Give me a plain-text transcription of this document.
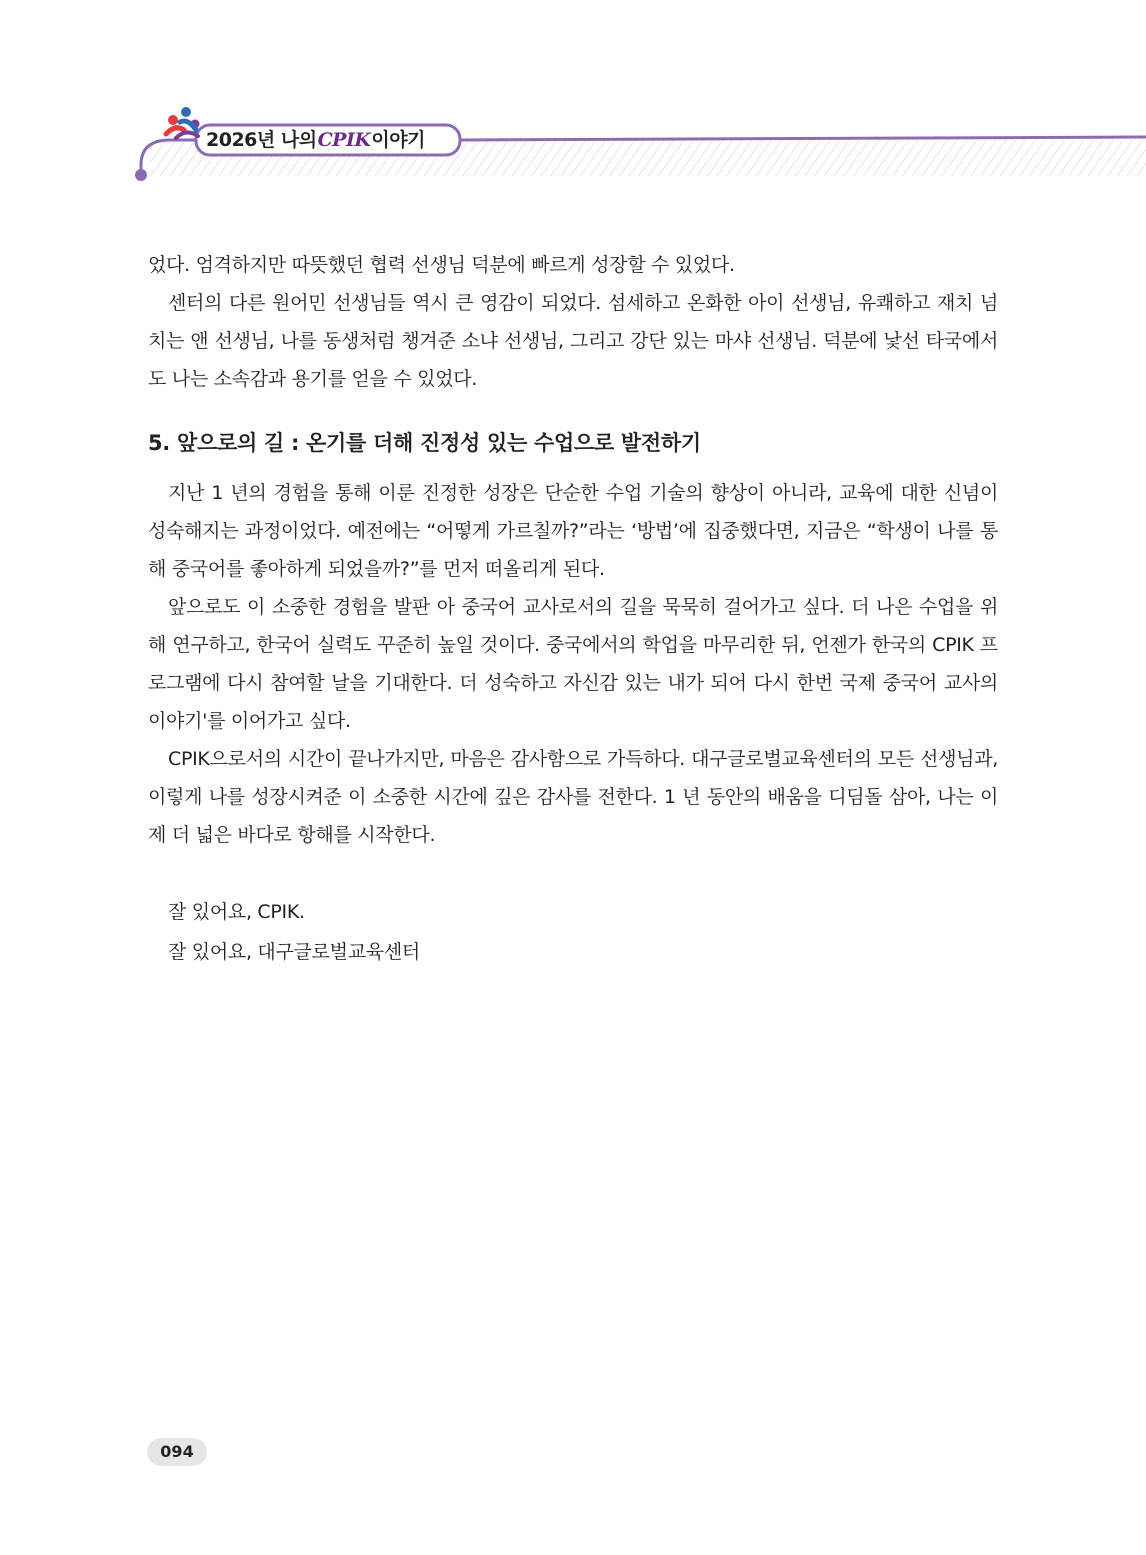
2026년 나의CPIK이야기

었다. 엄격하지만 따뜻했던 협력 선생님 덕분에 빠르게 성장할 수 있었다.

센터의 다른 원어민 선생님들 역시 큰 영감이 되었다. 섬세하고 온화한 아이 선생님, 유쾌하고 재치 넘치는 앤 선생님, 나를 동생처럼 챙겨준 소냐 선생님, 그리고 강단 있는 마샤 선생님. 덕분에 낯선 타국에서도 나는 소속감과 용기를 얻을 수 있었다.

5. 앞으로의 길 : 온기를 더해 진정성 있는 수업으로 발전하기

지난 1 년의 경험을 통해 이룬 진정한 성장은 단순한 수업 기술의 향상이 아니라, 교육에 대한 신념이 성숙해지는 과정이었다. 예전에는 “어떻게 가르칠까?”라는 ‘방법’에 집중했다면, 지금은 “학생이 나를 통해 중국어를 좋아하게 되었을까?”를 먼저 떠올리게 된다.

앞으로도 이 소중한 경험을 발판 아 중국어 교사로서의 길을 묵묵히 걸어가고 싶다. 더 나은 수업을 위해 연구하고, 한국어 실력도 꾸준히 높일 것이다. 중국에서의 학업을 마무리한 뒤, 언젠가 한국의 CPIK 프로그램에 다시 참여할 날을 기대한다. 더 성숙하고 자신감 있는 내가 되어 다시 한번 국제 중국어 교사의 이야기'를 이어가고 싶다.

CPIK으로서의 시간이 끝나가지만, 마음은 감사함으로 가득하다. 대구글로벌교육센터의 모든 선생님과, 이렇게 나를 성장시켜준 이 소중한 시간에 깊은 감사를 전한다. 1 년 동안의 배움을 디딤돌 삼아, 나는 이제 더 넓은 바다로 항해를 시작한다.

잘 있어요, CPIK.

잘 있어요, 대구글로벌교육센터

094
